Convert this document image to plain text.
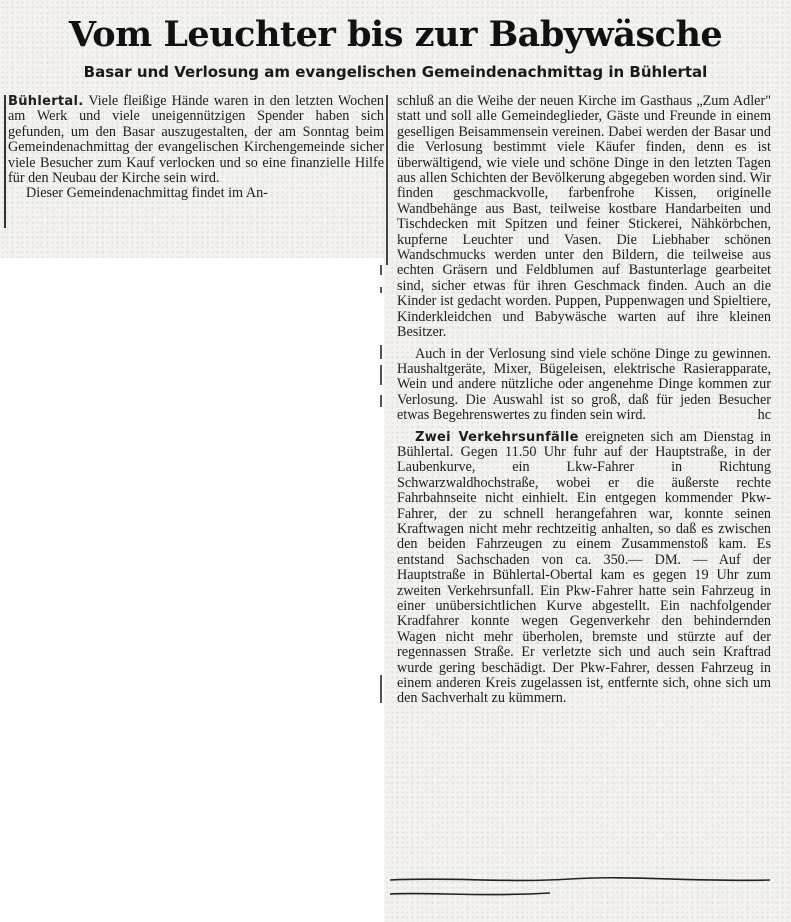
Vom Leuchter bis zur Babywäsche
Basar und Verlosung am evangelischen Gemeindenachmittag in Bühlertal

Bühlertal. Viele fleißige Hände waren in den letzten Wochen am Werk und viele uneigennützigen Spender haben sich gefunden, um den Basar auszugestalten, der am Sonntag beim Gemeindenachmittag der evangelischen Kirchengemeinde sicher viele Besucher zum Kauf verlocken und so eine finanzielle Hilfe für den Neubau der Kirche sein wird.

Dieser Gemeindenachmittag findet im An-

schluß an die Weihe der neuen Kirche im Gasthaus „Zum Adler" statt und soll alle Gemeindeglieder, Gäste und Freunde in einem geselligen Beisammensein vereinen. Dabei werden der Basar und die Verlosung bestimmt viele Käufer finden, denn es ist überwältigend, wie viele und schöne Dinge in den letzten Tagen aus allen Schichten der Bevölkerung abgegeben worden sind. Wir finden geschmackvolle, farbenfrohe Kissen, originelle Wandbehänge aus Bast, teilweise kostbare Handarbeiten und Tischdecken mit Spitzen und feiner Stickerei, Nähkörbchen, kupferne Leuchter und Vasen. Die Liebhaber schönen Wandschmucks werden unter den Bildern, die teilweise aus echten Gräsern und Feldblumen auf Bastunterlage gearbeitet sind, sicher etwas für ihren Geschmack finden. Auch an die Kinder ist gedacht worden. Puppen, Puppenwagen und Spieltiere, Kinderkleidchen und Babywäsche warten auf ihre kleinen Besitzer.

Auch in der Verlosung sind viele schöne Dinge zu gewinnen. Haushaltgeräte, Mixer, Bügeleisen, elektrische Rasierapparate, Wein und andere nützliche oder angenehme Dinge kommen zur Verlosung. Die Auswahl ist so groß, daß für jeden Besucher etwas Begehrenswertes zu finden sein wird.	hc

Zwei Verkehrsunfälle ereigneten sich am Dienstag in Bühlertal. Gegen 11.50 Uhr fuhr auf der Hauptstraße, in der Laubenkurve, ein Lkw-Fahrer in Richtung Schwarzwaldhochstraße, wobei er die äußerste rechte Fahrbahnseite nicht einhielt. Ein entgegen kommender Pkw-Fahrer, der zu schnell herangefahren war, konnte seinen Kraftwagen nicht mehr rechtzeitig anhalten, so daß es zwischen den beiden Fahrzeugen zu einem Zusammenstoß kam. Es entstand Sachschaden von ca. 350.— DM. — Auf der Hauptstraße in Bühlertal-Obertal kam es gegen 19 Uhr zum zweiten Verkehrsunfall. Ein Pkw-Fahrer hatte sein Fahrzeug in einer unübersichtlichen Kurve abgestellt. Ein nachfolgender Kradfahrer konnte wegen Gegenverkehr den behindernden Wagen nicht mehr überholen, bremste und stürzte auf der regennassen Straße. Er verletzte sich und auch sein Kraftrad wurde gering beschädigt. Der Pkw-Fahrer, dessen Fahrzeug in einem anderen Kreis zugelassen ist, entfernte sich, ohne sich um den Sachverhalt zu kümmern.
